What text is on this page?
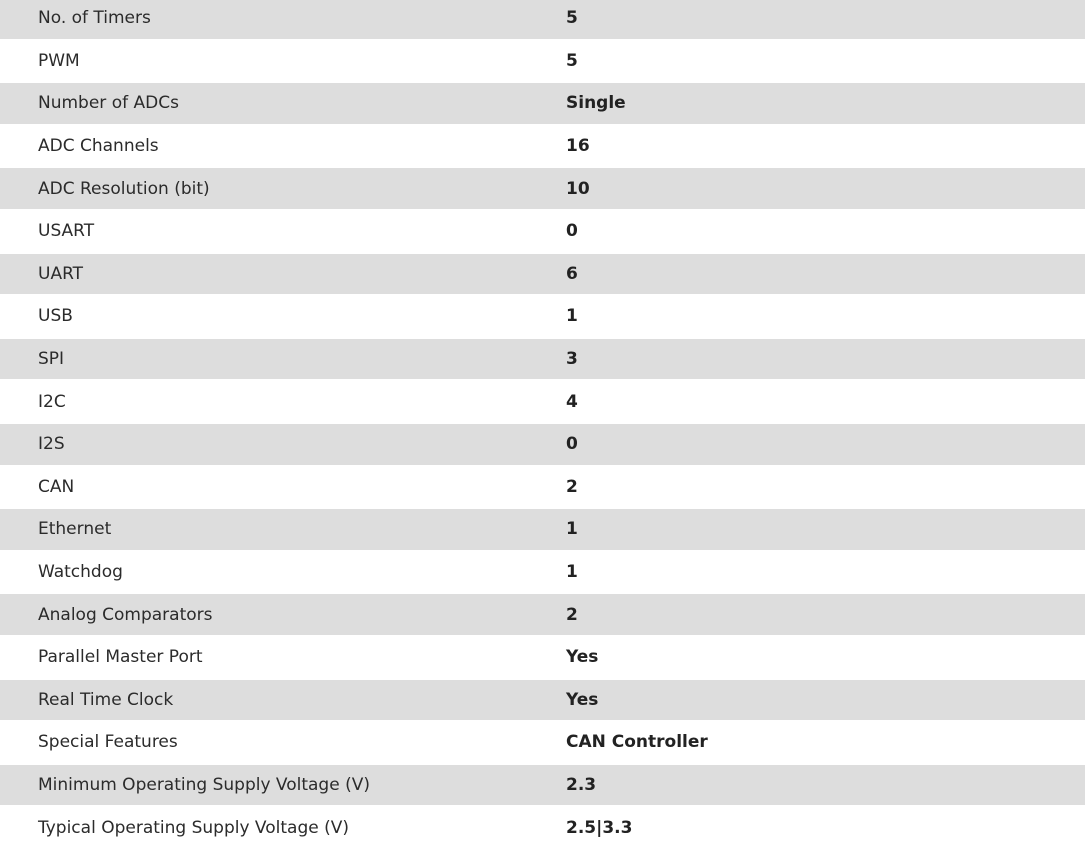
No. of Timers	5
PWM	5
Number of ADCs	Single
ADC Channels	16
ADC Resolution (bit)	10
USART	0
UART	6
USB	1
SPI	3
I2C	4
I2S	0
CAN	2
Ethernet	1
Watchdog	1
Analog Comparators	2
Parallel Master Port	Yes
Real Time Clock	Yes
Special Features	CAN Controller
Minimum Operating Supply Voltage (V)	2.3
Typical Operating Supply Voltage (V)	2.5|3.3
